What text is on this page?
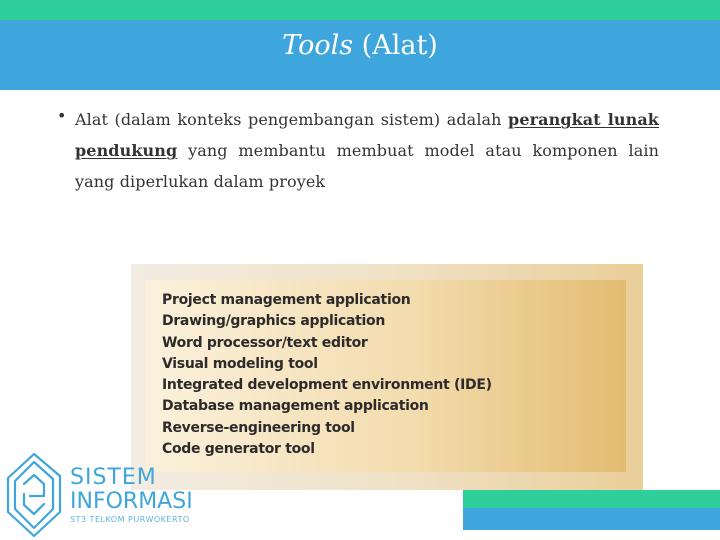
Tools (Alat)
• Alat (dalam konteks pengembangan sistem) adalah perangkat lunak pendukung yang membantu membuat model atau komponen lain yang diperlukan dalam proyek

Project management application
Drawing/graphics application
Word processor/text editor
Visual modeling tool
Integrated development environment (IDE)
Database management application
Reverse-engineering tool
Code generator tool
SISTEM
INFORMASI
ST3 TELKOM PURWOKERTO
